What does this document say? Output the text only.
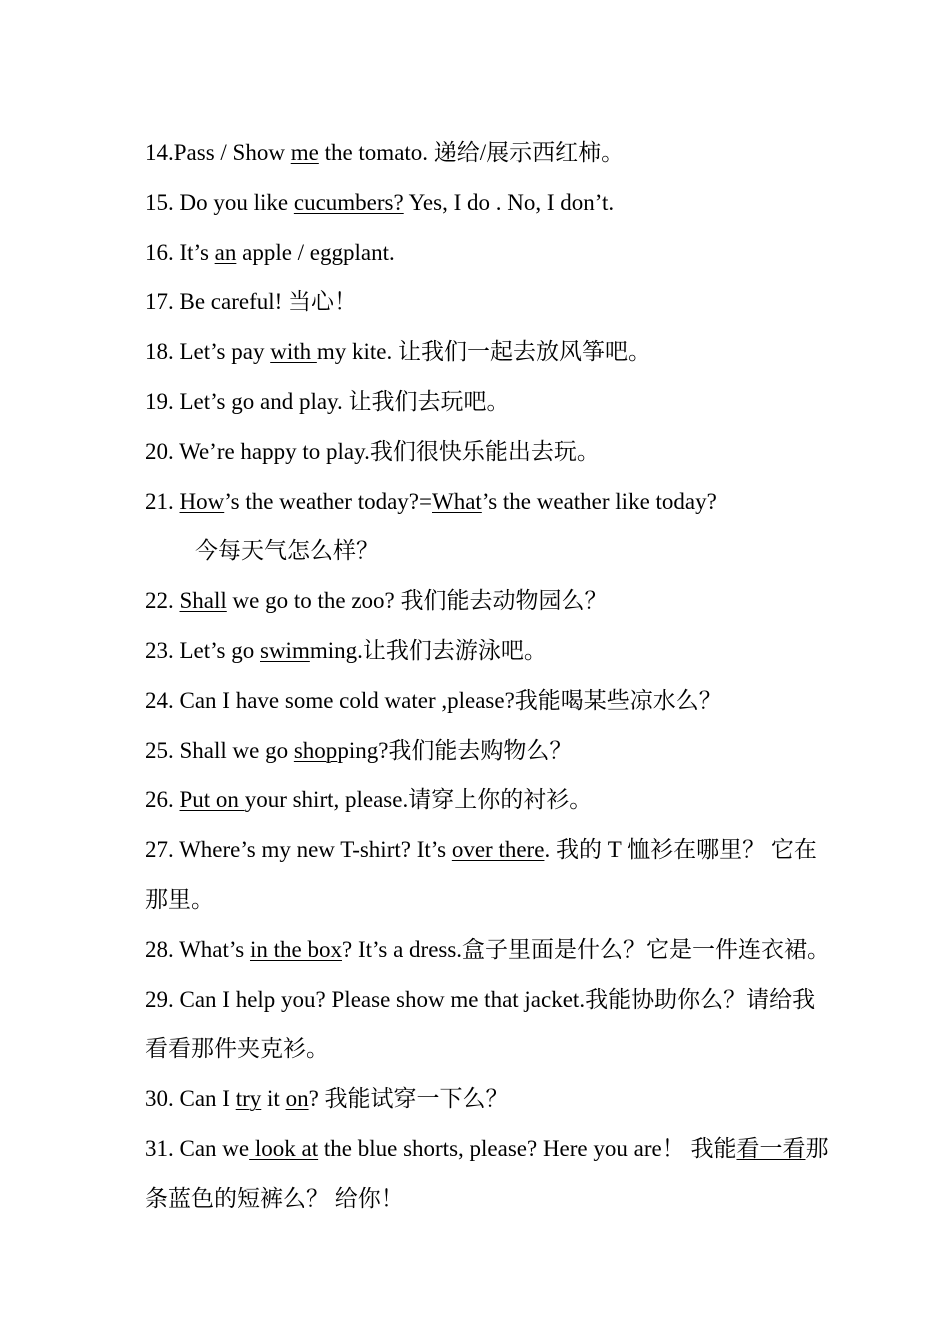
14.Pass / Show me the tomato. 递给/展示西红柿。
15. Do you like cucumbers? Yes, I do . No, I don’t.
16. It’s an apple / eggplant.
17. Be careful! 当心！
18. Let’s pay with my kite. 让我们一起去放风筝吧。
19. Let’s go and play. 让我们去玩吧。
20. We’re happy to play.我们很快乐能出去玩。
21. How’s the weather today?=What’s the weather like today?
今每天气怎么样？
22. Shall we go to the zoo? 我们能去动物园么？
23. Let’s go swimming.让我们去游泳吧。
24. Can I have some cold water ,please?我能喝某些凉水么？
25. Shall we go shopping?我们能去购物么？
26. Put on your shirt, please.请穿上你的衬衫。
27. Where’s my new T-shirt? It’s over there. 我的 T 恤衫在哪里？ 它在
那里。
28. What’s in the box? It’s a dress.盒子里面是什么？它是一件连衣裙。
29. Can I help you? Please show me that jacket.我能协助你么？请给我
看看那件夹克衫。
30. Can I try it on? 我能试穿一下么？
31. Can we look at the blue shorts, please? Here you are！ 我能看一看那
条蓝色的短裤么？ 给你！
